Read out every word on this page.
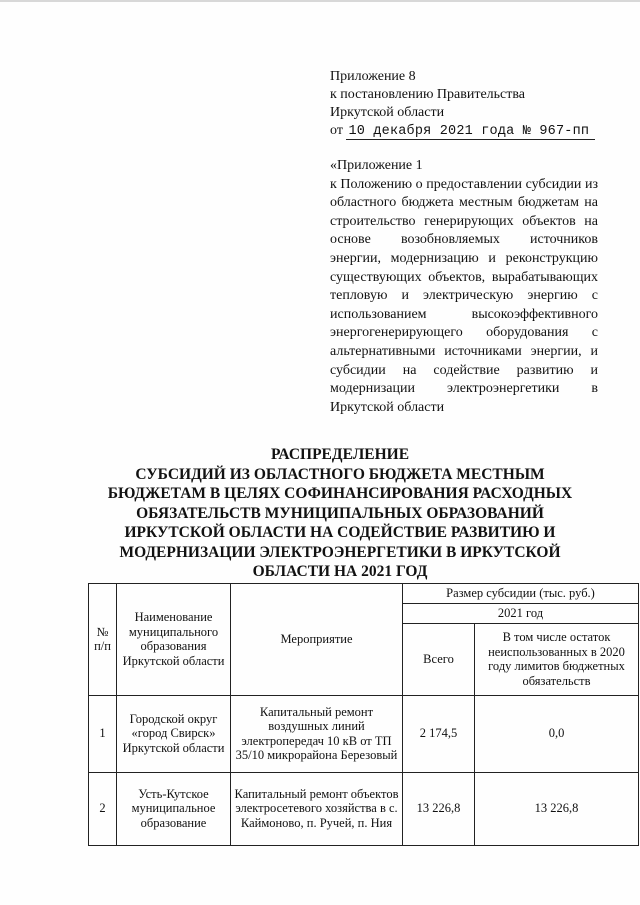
Приложение 8
к постановлению Правительства
Иркутской области
от 10 декабря 2021 года № 967-пп
«Приложение 1
к Положению о предоставлении субсидии из областного бюджета местным бюджетам на строительство генерирующих объектов на основе возобновляемых источников энергии, модернизацию и реконструкцию существующих объектов, вырабатывающих тепловую и электрическую энергию с использованием высокоэффективного энергогенерирующего оборудования с альтернативными источниками энергии, и субсидии на содействие развитию и модернизации электроэнергетики в Иркутской области
РАСПРЕДЕЛЕНИЕ
СУБСИДИЙ ИЗ ОБЛАСТНОГО БЮДЖЕТА МЕСТНЫМ
БЮДЖЕТАМ В ЦЕЛЯХ СОФИНАНСИРОВАНИЯ РАСХОДНЫХ
ОБЯЗАТЕЛЬСТВ МУНИЦИПАЛЬНЫХ ОБРАЗОВАНИЙ
ИРКУТСКОЙ ОБЛАСТИ НА СОДЕЙСТВИЕ РАЗВИТИЮ И
МОДЕРНИЗАЦИИ ЭЛЕКТРОЭНЕРГЕТИКИ В ИРКУТСКОЙ
ОБЛАСТИ НА 2021 ГОД
№ п/п	Наименование муниципального образования Иркутской области	Мероприятие	Размер субсидии (тыс. руб.)	
			2021 год	
			Всего	В том числе остаток неиспользованных в 2020 году лимитов бюджетных обязательств
1	Городской округ «город Свирск» Иркутской области	Капитальный ремонт воздушных линий электропередач 10 кВ от ТП 35/10 микрорайона Березовый	2 174,5	0,0
2	Усть-Кутское муниципальное образование	Капитальный ремонт объектов электросетевого хозяйства в с. Каймоново, п. Ручей, п. Ния	13 226,8	13 226,8
